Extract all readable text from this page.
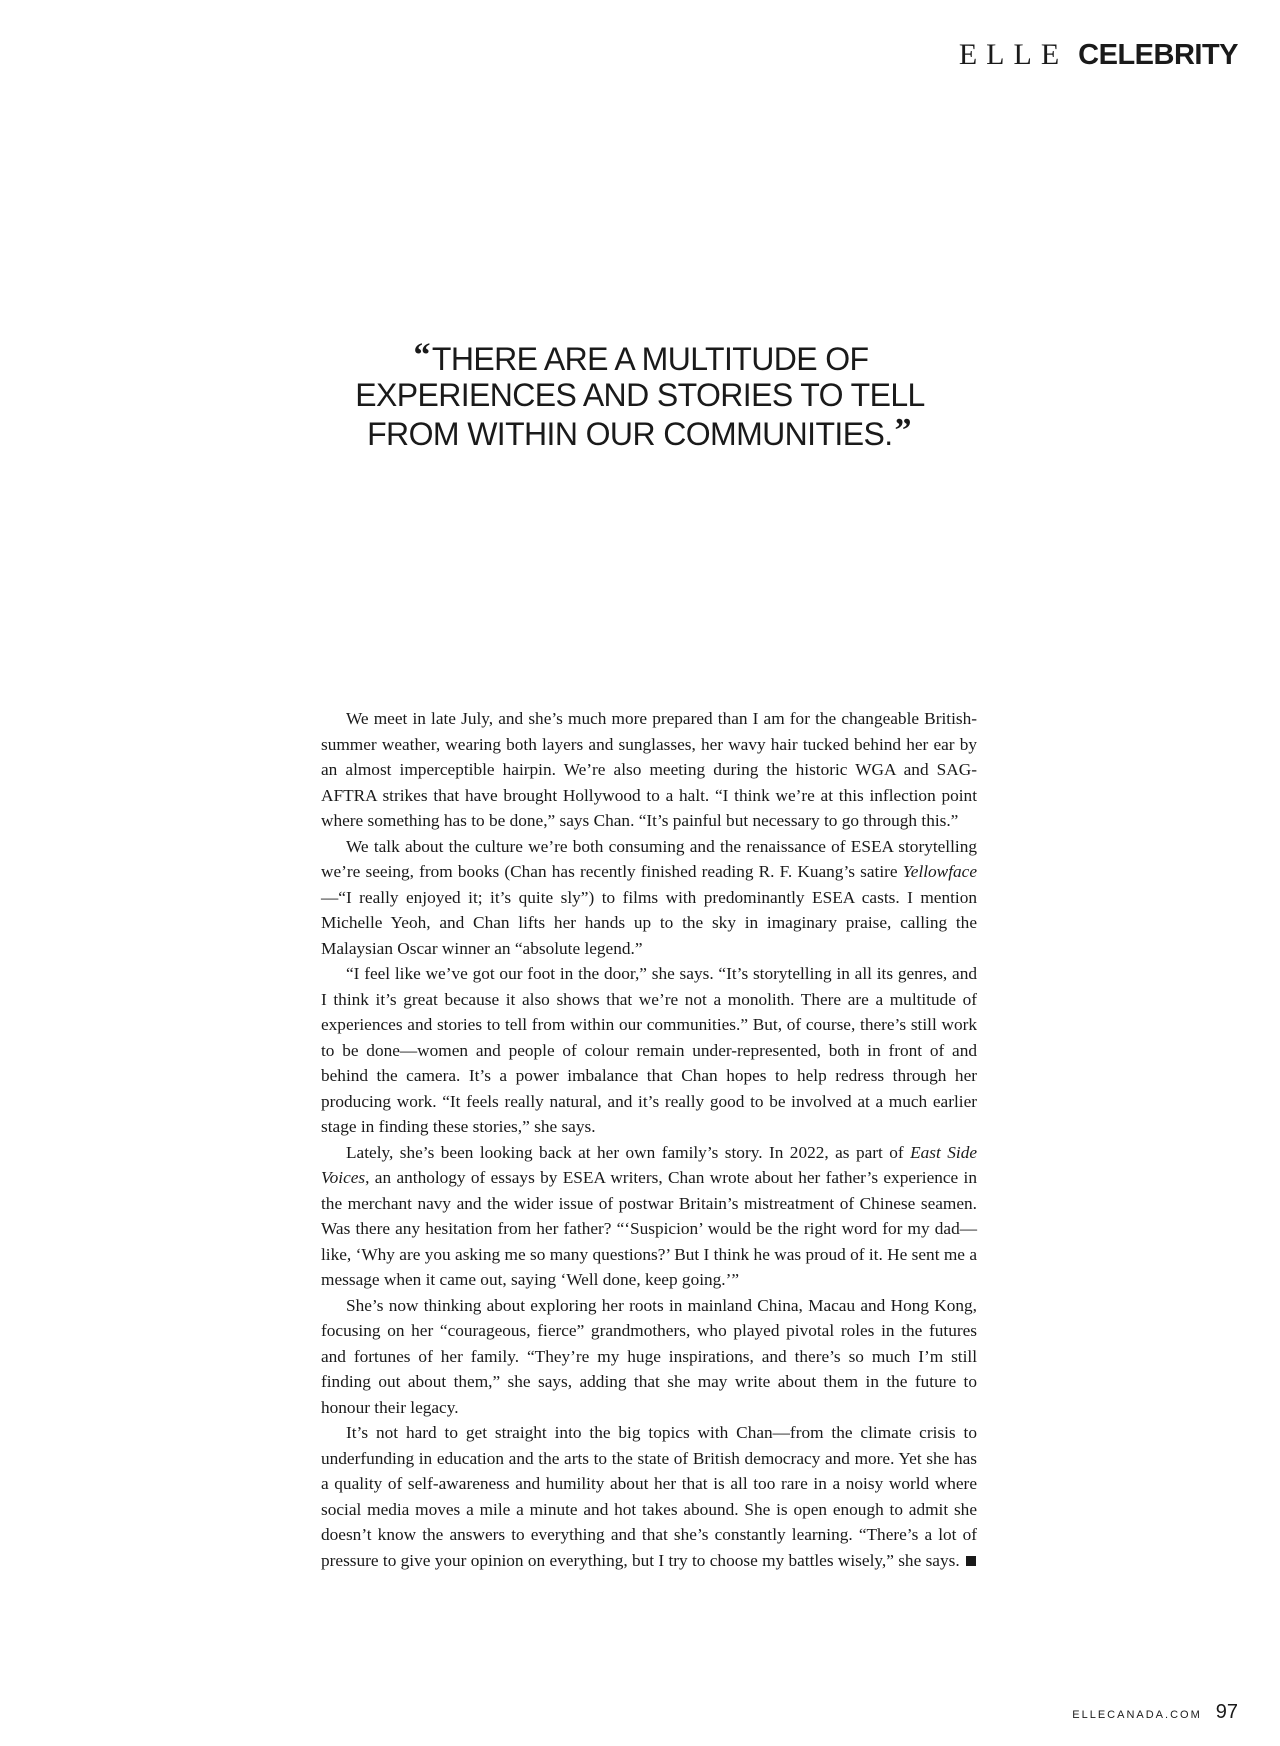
ELLE CELEBRITY
“THERE ARE A MULTITUDE OF
EXPERIENCES AND STORIES TO TELL
FROM WITHIN OUR COMMUNITIES.”

We meet in late July, and she’s much more prepared than I am for the changeable British-summer weather, wearing both layers and sunglasses, her wavy hair tucked behind her ear by an almost imperceptible hairpin. We’re also meeting during the historic WGA and SAG-AFTRA strikes that have brought Hollywood to a halt. “I think we’re at this inflection point where something has to be done,” says Chan. “It’s painful but necessary to go through this.”

We talk about the culture we’re both consuming and the renaissance of ESEA storytelling we’re seeing, from books (Chan has recently finished reading R. F. Kuang’s satire Yellowface—“I really enjoyed it; it’s quite sly”) to films with predominantly ESEA casts. I mention Michelle Yeoh, and Chan lifts her hands up to the sky in imaginary praise, calling the Malaysian Oscar winner an “absolute legend.”

“I feel like we’ve got our foot in the door,” she says. “It’s storytelling in all its genres, and I think it’s great because it also shows that we’re not a monolith. There are a multitude of experiences and stories to tell from within our communities.” But, of course, there’s still work to be done—women and people of colour remain under-represented, both in front of and behind the camera. It’s a power imbalance that Chan hopes to help redress through her producing work. “It feels really natural, and it’s really good to be involved at a much earlier stage in finding these stories,” she says.

Lately, she’s been looking back at her own family’s story. In 2022, as part of East Side Voices, an anthology of essays by ESEA writers, Chan wrote about her father’s experience in the merchant navy and the wider issue of postwar Britain’s mistreatment of Chinese seamen. Was there any hesitation from her father? “‘Suspicion’ would be the right word for my dad—like, ‘Why are you asking me so many questions?’ But I think he was proud of it. He sent me a message when it came out, saying ‘Well done, keep going.’”

She’s now thinking about exploring her roots in mainland China, Macau and Hong Kong, focusing on her “courageous, fierce” grandmothers, who played pivotal roles in the futures and fortunes of her family. “They’re my huge inspirations, and there’s so much I’m still finding out about them,” she says, adding that she may write about them in the future to honour their legacy.

It’s not hard to get straight into the big topics with Chan—from the climate crisis to underfunding in education and the arts to the state of British democracy and more. Yet she has a quality of self-awareness and humility about her that is all too rare in a noisy world where social media moves a mile a minute and hot takes abound. She is open enough to admit she doesn’t know the answers to everything and that she’s constantly learning. “There’s a lot of pressure to give your opinion on everything, but I try to choose my battles wisely,” she says.

ELLECANADA.COM 97
